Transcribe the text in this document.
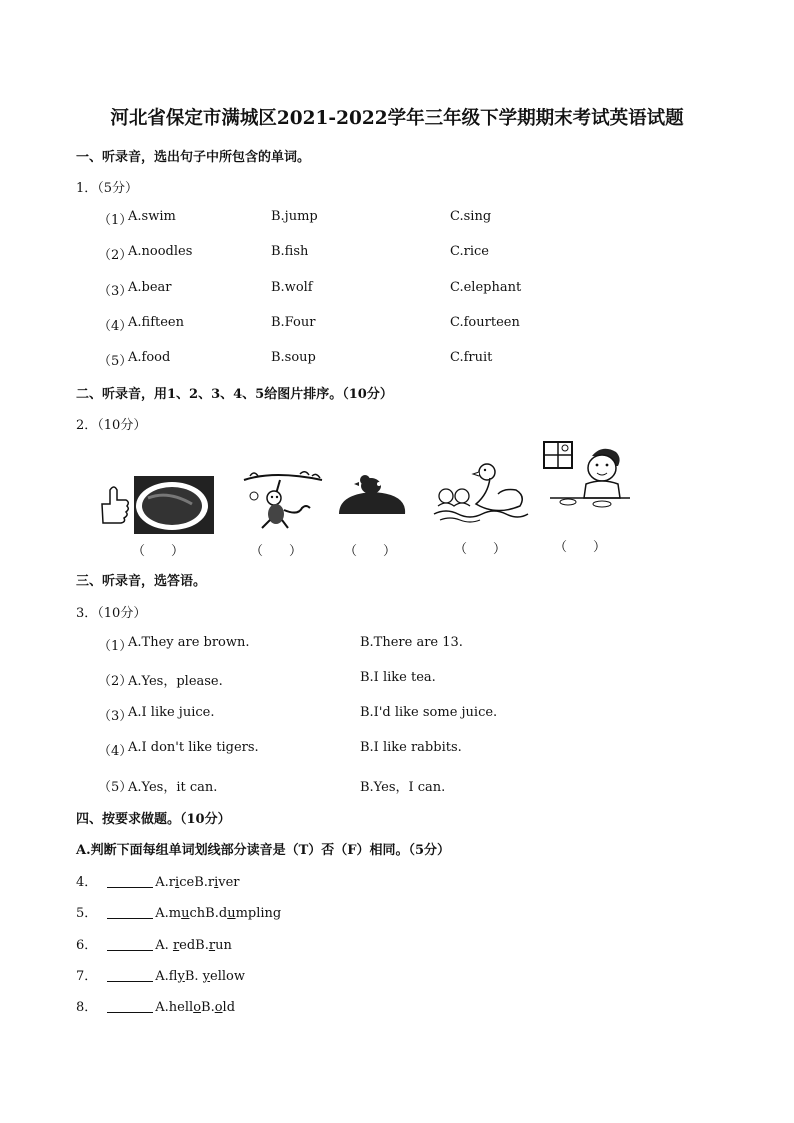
河北省保定市满城区2021-2022学年三年级下学期期末考试英语试题
一、听录音，选出句子中所包含的单词。
1．（5分）
（1）
A.swim	B.jump	C.sing
（2）
A.noodles	B.fish	C.rice
（3）
A.bear	B.wolf	C.elephant
（4）
A.fifteen	B.Four	C.fourteen
（5）
A.food	B.soup	C.fruit
二、听录音，用1、2、3、4、5给图片排序。（10分）
2．（10分）
（　　）	（　　）	（　　）	（　　）	（　　）
三、听录音，选答语。
3．（10分）
（1）
A.They are brown.	B.There are 13.
（2）
A.Yes，please.	B.I like tea.
（3）
A.I like juice.	B.I'd like some juice.
（4）
A.I don't like tigers.	B.I like rabbits.
（5）
A.Yes，it can.	B.Yes，I can.
四、按要求做题。（10分）
A.判断下面每组单词划线部分读音是（T）否（F）相同。（5分）
4．	A.riceB.river
5．	A.muchB.dumpling
6．	A. redB.run
7．	A.flyB. yellow
8．	A.helloB.old
